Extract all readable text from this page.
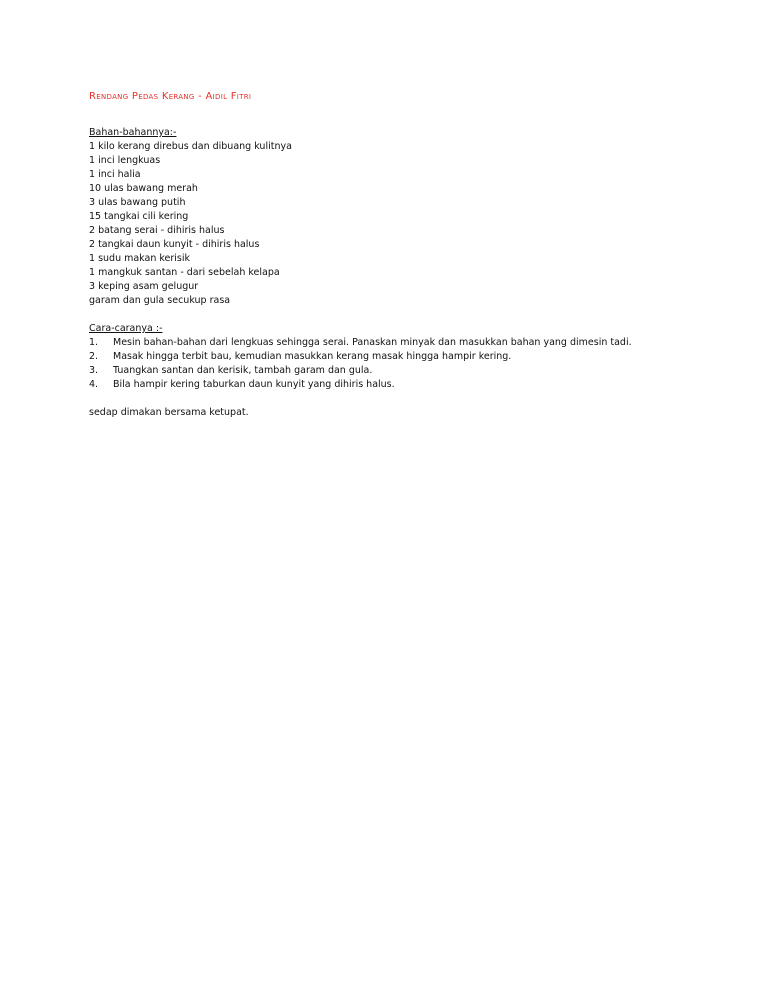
Rendang Pedas Kerang - Aidil Fitri
Bahan-bahannya:-
1 kilo kerang direbus dan dibuang kulitnya
1 inci lengkuas
1 inci halia
10 ulas bawang merah
3 ulas bawang putih
15 tangkai cili kering
2 batang serai - dihiris halus
2 tangkai daun kunyit - dihiris halus
1 sudu makan kerisik
1 mangkuk santan - dari sebelah kelapa
3 keping asam gelugur
garam dan gula secukup rasa
Cara-caranya :-
1.	Mesin bahan-bahan dari lengkuas sehingga serai. Panaskan minyak dan masukkan bahan yang dimesin tadi.
2.	Masak hingga terbit bau, kemudian masukkan kerang masak hingga hampir kering.
3.	Tuangkan santan dan kerisik, tambah garam dan gula.
4.	Bila hampir kering taburkan daun kunyit yang dihiris halus.
sedap dimakan bersama ketupat.
